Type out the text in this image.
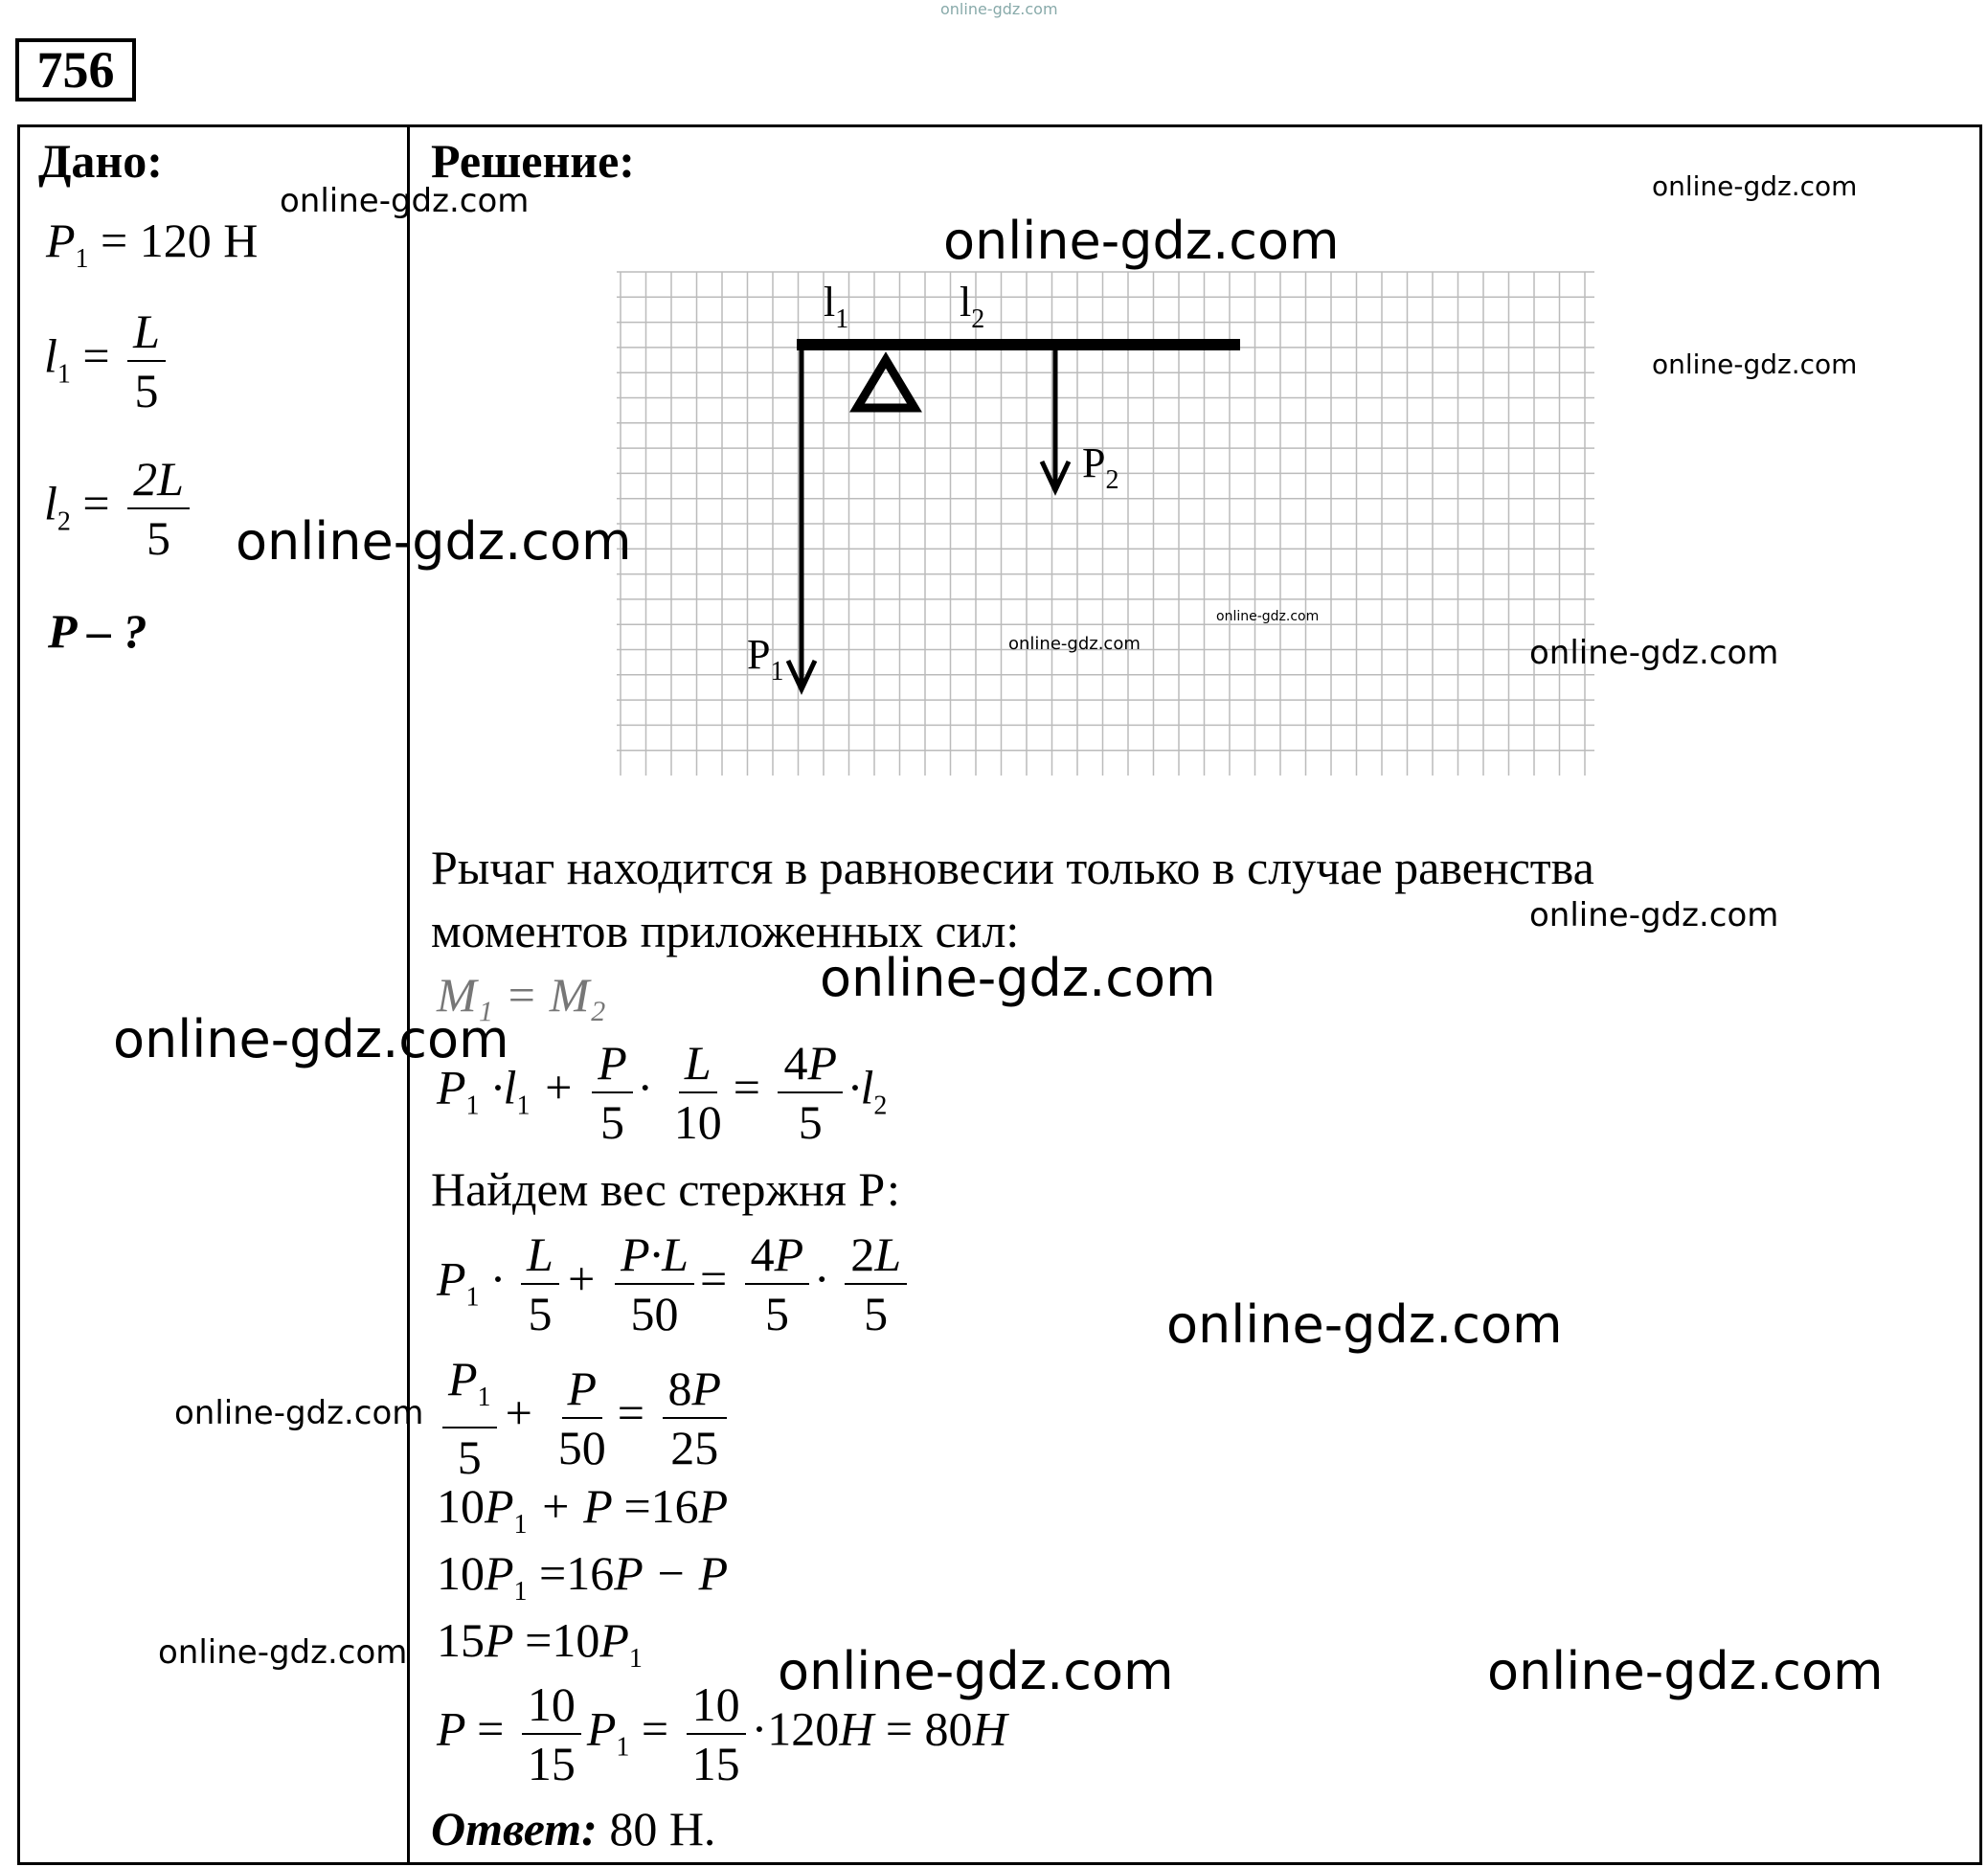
online-gdz.com
756
Дано:
$P_1 = 120$ Н
$l_1 = \frac{L}{5}$
$l_2 = \frac{2L}{5}$
P – ?
Решение:
$l_1$	$l_2$
$P_1$
$P_2$
Рычаг находится в равновесии только в случае равенства
моментов приложенных сил:
M₁ = M₂
$P_1 \cdot l_1 + \frac{P}{5} \cdot \frac{L}{10} = \frac{4P}{5} \cdot l_2$
Найдем вес стержня Р:
$P_1 \cdot \frac{L}{5} + \frac{P\cdot L}{50} = \frac{4P}{5} \cdot \frac{2L}{5}$
$\frac{P_1}{5} + \frac{P}{50} = \frac{8P}{25}$
$10P_1 + P =16P$
$10P_1 =16P - P$
$15P =10P_1$
$P = \frac{10}{15} P_1 = \frac{10}{15} \cdot 120H = 80H$
Ответ: 80 Н.
online-gdz.com	online-gdz.com
online-gdz.com
online-gdz.com
online-gdz.com
online-gdz.com
online-gdz.com	online-gdz.com
online-gdz.com
online-gdz.com
online-gdz.com
online-gdz.com
online-gdz.com
online-gdz.com	online-gdz.com	online-gdz.com
